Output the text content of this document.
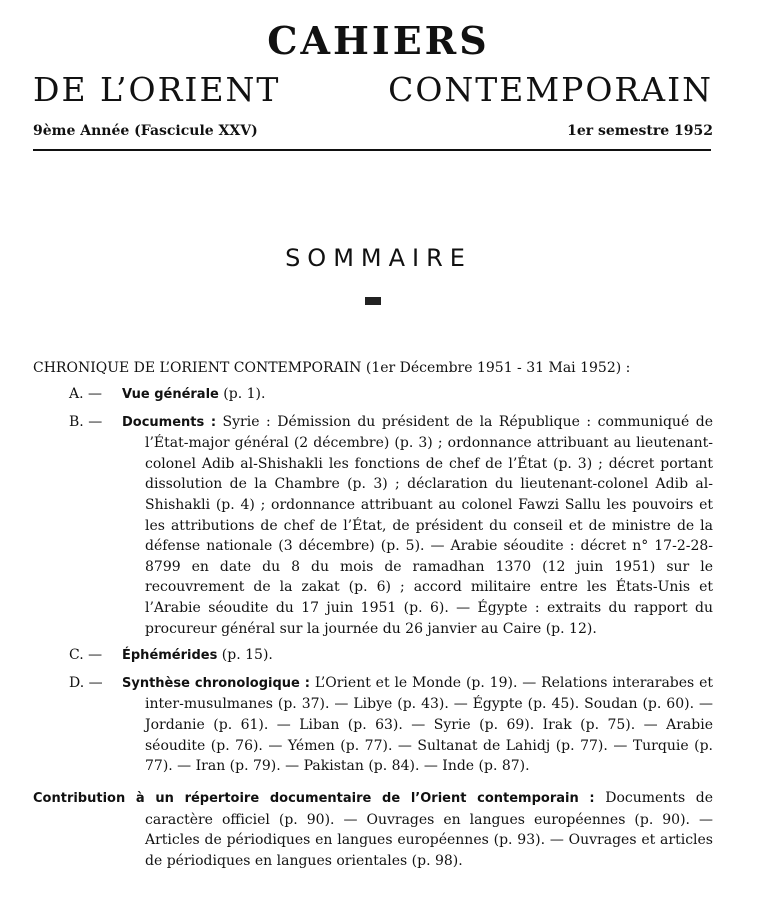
CAHIERS
DE L’ORIENT	CONTEMPORAIN
9ème Année (Fascicule XXV)	1er semestre 1952
SOMMAIRE
CHRONIQUE DE L’ORIENT CONTEMPORAIN (1er Décembre 1951 - 31 Mai 1952) :
A. — Vue générale (p. 1).
B. — Documents : Syrie : Démission du président de la République : communiqué de l’État-major général (2 décembre) (p. 3) ; ordonnance attribuant au lieutenant-colonel Adib al-Shishakli les fonctions de chef de l’État (p. 3) ; décret portant dissolution de la Chambre (p. 3) ; déclaration du lieutenant-colonel Adib al-Shishakli (p. 4) ; ordonnance attribuant au colonel Fawzi Sallu les pouvoirs et les attributions de chef de l’État, de président du conseil et de ministre de la défense nationale (3 décembre) (p. 5). — Arabie séoudite : décret n° 17-2-28-8799 en date du 8 du mois de ramadhan 1370 (12 juin 1951) sur le recouvrement de la zakat (p. 6) ; accord militaire entre les États-Unis et l’Arabie séoudite du 17 juin 1951 (p. 6). — Égypte : extraits du rapport du procureur général sur la journée du 26 janvier au Caire (p. 12).
C. — Éphémérides (p. 15).
D. — Synthèse chronologique : L’Orient et le Monde (p. 19). — Relations interarabes et inter-musulmanes (p. 37). — Libye (p. 43). — Égypte (p. 45). Soudan (p. 60). — Jordanie (p. 61). — Liban (p. 63). — Syrie (p. 69). Irak (p. 75). — Arabie séoudite (p. 76). — Yémen (p. 77). — Sultanat de Lahidj (p. 77). — Turquie (p. 77). — Iran (p. 79). — Pakistan (p. 84). — Inde (p. 87).
Contribution à un répertoire documentaire de l’Orient contemporain : Documents de caractère officiel (p. 90). — Ouvrages en langues européennes (p. 90). — Articles de périodiques en langues européennes (p. 93). — Ouvrages et articles de périodiques en langues orientales (p. 98).
